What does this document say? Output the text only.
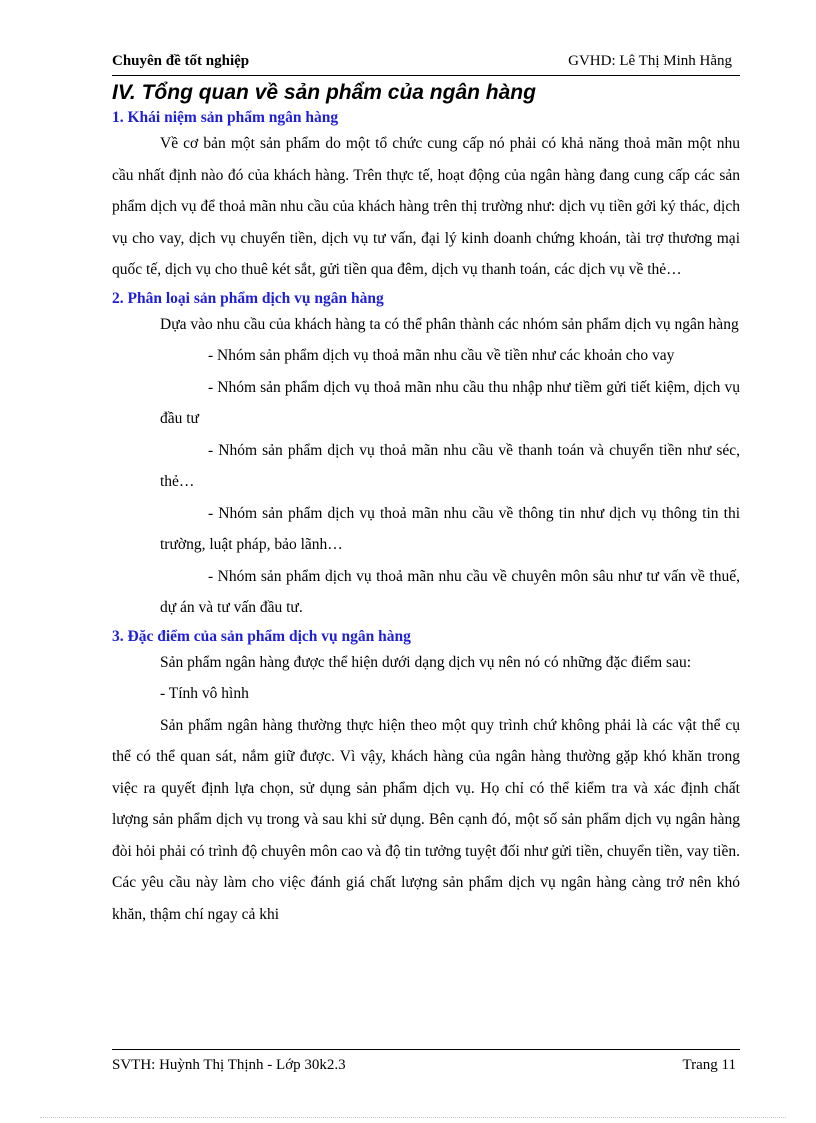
Chuyên đề tốt nghiệp	GVHD: Lê Thị Minh Hằng
IV. Tổng quan về sản phẩm của ngân hàng
1. Khái niệm sản phẩm ngân hàng

Về cơ bản một sản phẩm do một tổ chức cung cấp nó phải có khả năng thoả mãn một nhu cầu nhất định nào đó của khách hàng. Trên thực tế, hoạt động của ngân hàng đang cung cấp các sản phẩm dịch vụ để thoả mãn nhu cầu của khách hàng trên thị trường như: dịch vụ tiền gởi ký thác, dịch vụ cho vay, dịch vụ chuyển tiền, dịch vụ tư vấn, đại lý kinh doanh chứng khoán, tài trợ thương mại quốc tế, dịch vụ cho thuê két sắt, gửi tiền qua đêm, dịch vụ thanh toán, các dịch vụ về thẻ…

2. Phân loại sản phẩm dịch vụ ngân hàng

Dựa vào nhu cầu của khách hàng ta có thể phân thành các nhóm sản phẩm dịch vụ ngân hàng

- Nhóm sản phẩm dịch vụ thoả mãn nhu cầu về tiền như các khoản cho vay

- Nhóm sản phẩm dịch vụ thoả mãn nhu cầu thu nhập như tiềm gửi tiết kiệm, dịch vụ đầu tư

- Nhóm sản phẩm dịch vụ thoả mãn nhu cầu về thanh toán và chuyển tiền như séc, thẻ…

- Nhóm sản phẩm dịch vụ thoả mãn nhu cầu về thông tin như dịch vụ thông tin thi trường, luật pháp, bảo lãnh…

- Nhóm sản phẩm dịch vụ thoả mãn nhu cầu về chuyên môn sâu như tư vấn về thuế, dự án và tư vấn đầu tư.

3. Đặc điểm của sản phẩm dịch vụ ngân hàng

Sản phẩm ngân hàng được thể hiện dưới dạng dịch vụ nên nó có những đặc điểm sau:

- Tính vô hình

Sản phẩm ngân hàng thường thực hiện theo một quy trình chứ không phải là các vật thể cụ thể có thể quan sát, nắm giữ được. Vì vậy, khách hàng của ngân hàng thường gặp khó khăn trong việc ra quyết định lựa chọn, sử dụng sản phẩm dịch vụ. Họ chỉ có thể kiểm tra và xác định chất lượng sản phẩm dịch vụ trong và sau khi sử dụng. Bên cạnh đó, một số sản phẩm dịch vụ ngân hàng đòi hỏi phải có trình độ chuyên môn cao và độ tin tưởng tuyệt đối như gửi tiền, chuyển tiền, vay tiền. Các yêu cầu này làm cho việc đánh giá chất lượng sản phẩm dịch vụ ngân hàng càng trở nên khó khăn, thậm chí ngay cả khi

SVTH: Huỳnh Thị Thịnh - Lớp 30k2.3	Trang 11
